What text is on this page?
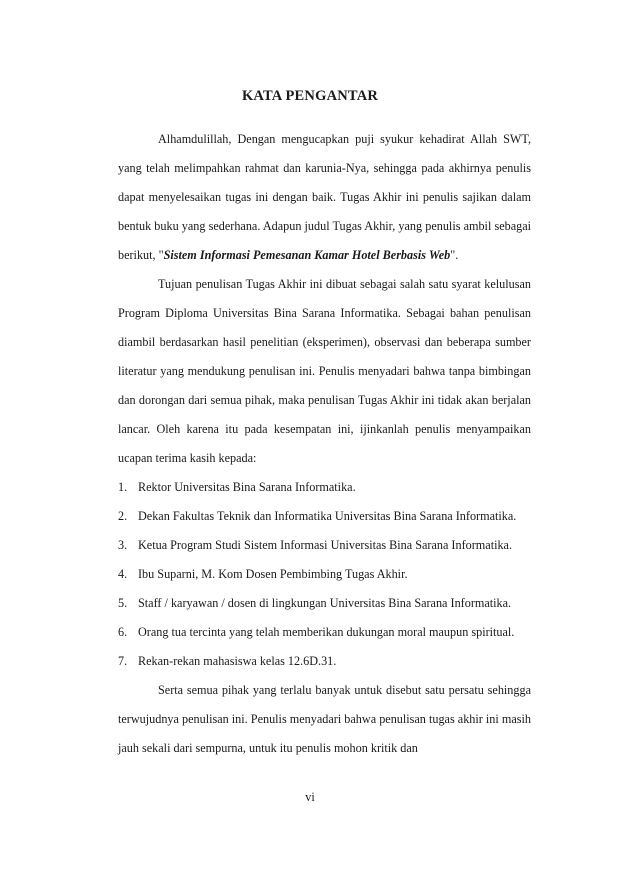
KATA PENGANTAR

Alhamdulillah, Dengan mengucapkan puji syukur kehadirat Allah SWT, yang telah melimpahkan rahmat dan karunia-Nya, sehingga pada akhirnya penulis dapat menyelesaikan tugas ini dengan baik. Tugas Akhir ini penulis sajikan dalam bentuk buku yang sederhana. Adapun judul Tugas Akhir, yang penulis ambil sebagai berikut, "Sistem Informasi Pemesanan Kamar Hotel Berbasis Web".

Tujuan penulisan Tugas Akhir ini dibuat sebagai salah satu syarat kelulusan Program Diploma Universitas Bina Sarana Informatika. Sebagai bahan penulisan diambil berdasarkan hasil penelitian (eksperimen), observasi dan beberapa sumber literatur yang mendukung penulisan ini. Penulis menyadari bahwa tanpa bimbingan dan dorongan dari semua pihak, maka penulisan Tugas Akhir ini tidak akan berjalan lancar. Oleh karena itu pada kesempatan ini, ijinkanlah penulis menyampaikan ucapan terima kasih kepada:

1. Rektor Universitas Bina Sarana Informatika.
2. Dekan Fakultas Teknik dan Informatika Universitas Bina Sarana Informatika.
3. Ketua Program Studi Sistem Informasi Universitas Bina Sarana Informatika.
4. Ibu Suparni, M. Kom Dosen Pembimbing Tugas Akhir.
5. Staff / karyawan / dosen di lingkungan Universitas Bina Sarana Informatika.
6. Orang tua tercinta yang telah memberikan dukungan moral maupun spiritual.
7. Rekan-rekan mahasiswa kelas 12.6D.31.

Serta semua pihak yang terlalu banyak untuk disebut satu persatu sehingga terwujudnya penulisan ini. Penulis menyadari bahwa penulisan tugas akhir ini masih jauh sekali dari sempurna, untuk itu penulis mohon kritik dan

vi
